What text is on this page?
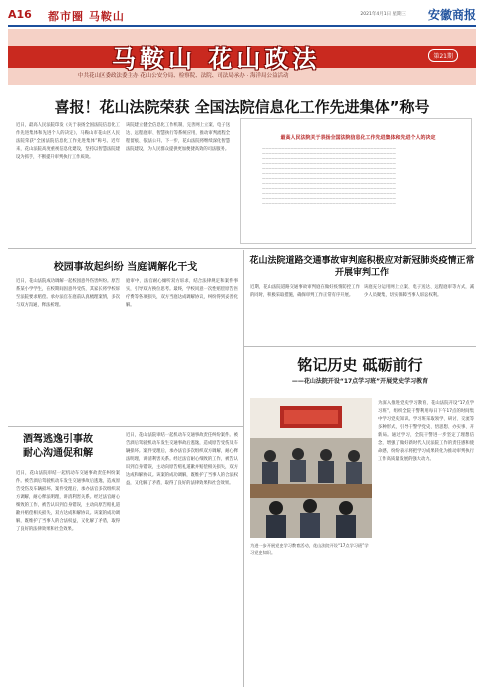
A16 都市圈 马鞍山	2021年4月1日 星期三 安徽商报
马鞍山 花山政法	第21期
中共花山区委政法委主办 花山公安分局、检察院、法院、司法局承办 · 海洋局公益活动
喜报！花山法院荣获 全国法院信息化工作先进集体”称号
近日，最高人民法院印发《关于表扬全国法院信息化工作先进集体和先进个人的决定》，马鞍山市花山区人民法院荣获“全国法院信息化工作先进集体”称号。近年来，花山法院高度重视信息化建设，坚持以智慧法院建设为抓手，不断提升审判执行工作质效。
该院建立健全信息化工作机制，完善网上立案、电子送达、远程庭审、智慧执行等系统应用，推动审判流程全程留痕、依法公开。下一步，花山法院将继续深化智慧法院建设，为人民群众提供更加便捷高效的司法服务。
最高人民法院关于表扬全国法院信息化工作先进集体和先进个人的决定
——————————————————————————————————————————
——————————————————————————————————————————
——————————————————————————————————————————
——————————————————————————————————————————
——————————————————————————————————————————
——————————————————————————————————————————
——————————————————————————————————————————
——————————————————————————————————————————
——————————————————————————————————————————
——————————————————————————————————————————
——————————————————————————————————————————
——————————————————————————————————————————
校园事故起纠纷 当庭调解化干戈
近日，花山法院成功调解一起校园意外伤害纠纷。原告系某小学学生，在校期间因意外受伤，其家长将学校诉至法院要求赔偿。承办法官在庭前认真梳理案情，多次与双方沟通，释法析理。
庭审中，法官耐心倾听双方诉求，结合法律规定和案件事实，引导双方换位思考。最终，学校同意一次性赔偿原告医疗费等各项损失，双方当庭达成调解协议，纠纷得到妥善化解。
花山法院道路交通事故审判庭积极应对新冠肺炎疫情正常开展审判工作
近期，花山法院道路交通事故审判庭在做好疫情防控工作的同时，积极采取措施，确保审判工作正常有序开展。
该庭充分运用网上立案、电子送达、远程庭审等方式，减少人员聚集，切实保障当事人诉讼权利。
酒驾逃逸引事故 耐心沟通促和解
近日，花山法院审结一起机动车交通事故责任纠纷案件。被告酒后驾驶机动车发生交通事故后逃逸，造成原告受伤及车辆损坏。案件受理后，承办法官多次组织双方调解，耐心释法明理，讲清利害关系。经过法官耐心细致的工作，被告认识到自身错误，主动向原告赔礼道歉并赔偿相关损失，双方达成和解协议。该案的成功调解，既维护了当事人的合法权益，又化解了矛盾，取得了良好的法律效果和社会效果。
近日，花山法院审结一起机动车交通事故责任纠纷案件。被告酒后驾驶机动车发生交通事故后逃逸，造成原告受伤及车辆损坏。案件受理后，承办法官多次组织双方调解，耐心释法明理，讲清利害关系。经过法官耐心细致的工作，被告认识到自身错误，主动向原告赔礼道歉并赔偿相关损失，双方达成和解协议。该案的成功调解，既维护了当事人的合法权益，又化解了矛盾，取得了良好的法律效果和社会效果。
铭记历史 砥砺前行
——花山法院开设“17点学习班”开展党史学习教育
为进一步开展党史学习教育活动，花山法院开设“17点学习班”学习党史知识。
为深入推进党史学习教育，花山法院开设“17点学习班”，组织全院干警利用每日下午17点的时间集中学习党史知识。学习班采取领学、研讨、交流等多种形式，引导干警学党史、悟思想、办实事、开新局。通过学习，全院干警进一步坚定了理想信念，增强了做好新时代人民法院工作的责任感和使命感，纷纷表示将把学习成果转化为推动审判执行工作高质量发展的强大动力。
